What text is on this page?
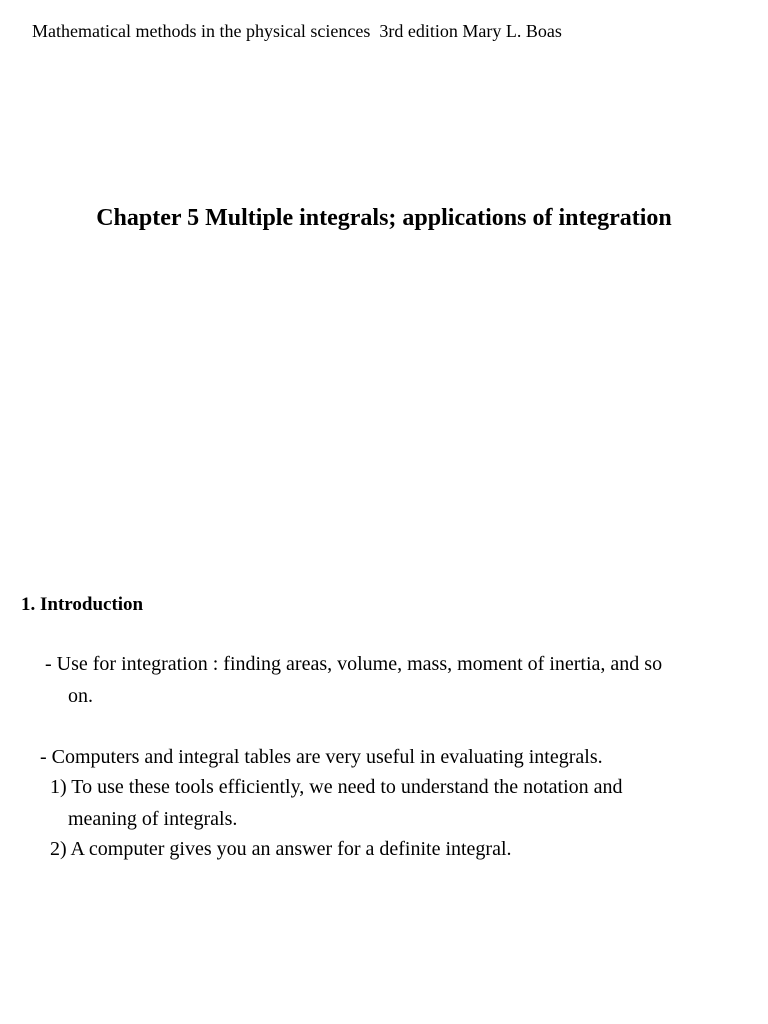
Mathematical methods in the physical sciences  3rd edition Mary L. Boas
Chapter 5 Multiple integrals; applications of integration
1. Introduction
- Use for integration : finding areas, volume, mass, moment of inertia, and so
on.
- Computers and integral tables are very useful in evaluating integrals.
1) To use these tools efficiently, we need to understand the notation and
meaning of integrals.
2) A computer gives you an answer for a definite integral.
